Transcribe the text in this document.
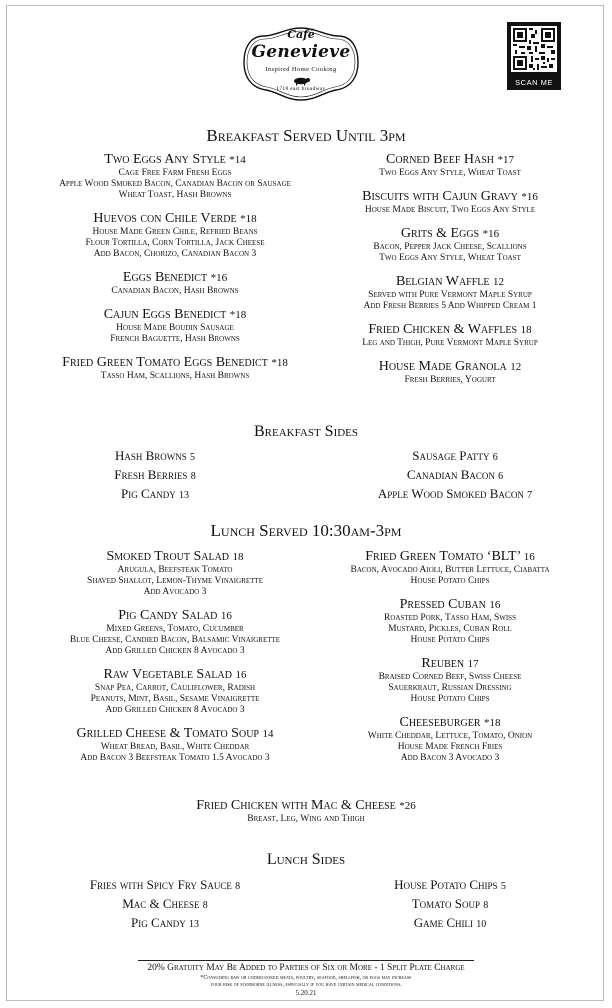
Café
Genevieve
Inspired Home Cooking
1718 east broadway
SCAN ME
Breakfast Served Until 3pm
Two Eggs Any Style *14
Cage Free Farm Fresh Eggs
Apple Wood Smoked Bacon, Canadian Bacon or Sausage
Wheat Toast, Hash Browns
Huevos con Chile Verde *18
House Made Green Chile, Refried Beans
Flour Tortilla, Corn Tortilla, Jack Cheese
Add Bacon, Chorizo, Canadian Bacon 3
Eggs Benedict *16
Canadian Bacon, Hash Browns
Cajun Eggs Benedict *18
House Made Boudin Sausage
French Baguette, Hash Browns
Fried Green Tomato Eggs Benedict *18
Tasso Ham, Scallions, Hash Browns
Corned Beef Hash *17
Two Eggs Any Style, Wheat Toast
Biscuits with Cajun Gravy *16
House Made Biscuit, Two Eggs Any Style
Grits & Eggs *16
Bacon, Pepper Jack Cheese, Scallions
Two Eggs Any Style, Wheat Toast
Belgian Waffle 12
Served with Pure Vermont Maple Syrup
Add Fresh Berries 5 Add Whipped Cream 1
Fried Chicken & Waffles 18
Leg and Thigh, Pure Vermont Maple Syrup
House Made Granola 12
Fresh Berries, Yogurt
Breakfast Sides
Hash Browns 5
Fresh Berries 8
Pig Candy 13
Sausage Patty 6
Canadian Bacon 6
Apple Wood Smoked Bacon 7
Lunch Served 10:30am-3pm
Smoked Trout Salad 18
Arugula, Beefsteak Tomato
Shaved Shallot, Lemon-Thyme Vinaigrette
Add Avocado 3
Pig Candy Salad 16
Mixed Greens, Tomato, Cucumber
Blue Cheese, Candied Bacon, Balsamic Vinaigrette
Add Grilled Chicken 8 Avocado 3
Raw Vegetable Salad 16
Snap Pea, Carrot, Cauliflower, Radish
Peanuts, Mint, Basil, Sesame Vinaigrette
Add Grilled Chicken 8 Avocado 3
Grilled Cheese & Tomato Soup 14
Wheat Bread, Basil, White Cheddar
Add Bacon 3 Beefsteak Tomato 1.5 Avocado 3
Fried Green Tomato ‘BLT’ 16
Bacon, Avocado Aioli, Butter Lettuce, Ciabatta
House Potato Chips
Pressed Cuban 16
Roasted Pork, Tasso Ham, Swiss
Mustard, Pickles, Cuban Roll
House Potato Chips
Reuben 17
Braised Corned Beef, Swiss Cheese
Sauerkraut, Russian Dressing
House Potato Chips
Cheeseburger *18
White Cheddar, Lettuce, Tomato, Onion
House Made French Fries
Add Bacon 3 Avocado 3
Fried Chicken with Mac & Cheese *26
Breast, Leg, Wing and Thigh
Lunch Sides
Fries with Spicy Fry Sauce 8
Mac & Cheese 8
Pig Candy 13
House Potato Chips 5
Tomato Soup 8
Game Chili 10
20% Gratuity May Be Added to Parties of Six or More - 1 Split Plate Charge
*Consuming raw or undercooked meats, poultry, seafood, shellfish, or eggs may increase
your risk of foodborne illness, especially if you have certain medical conditions.
5.20.21
